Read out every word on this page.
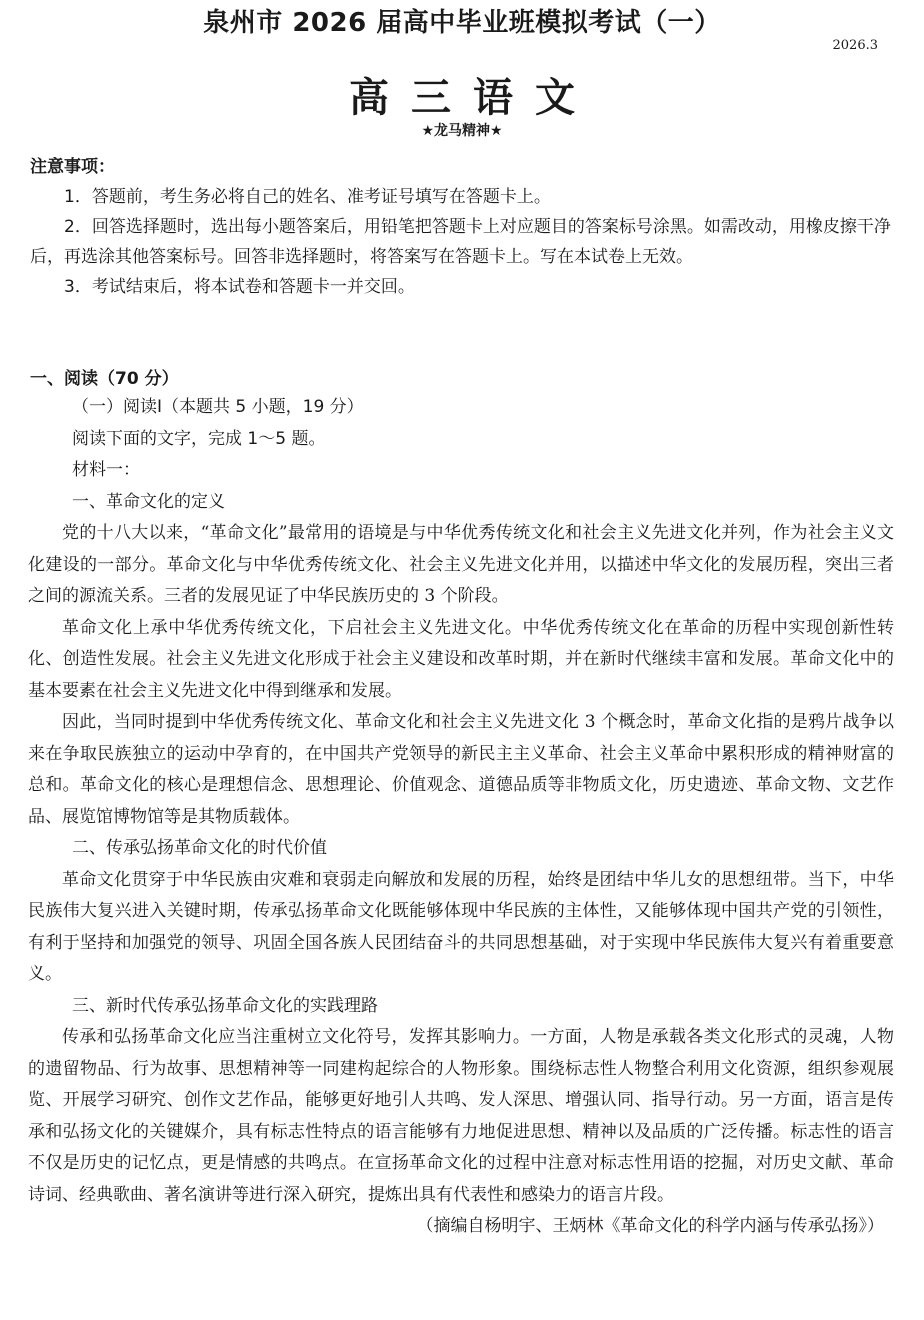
泉州市 2026 届高中毕业班模拟考试（一）
2026.3
高三语文
★龙马精神★
注意事项：
1．答题前，考生务必将自己的姓名、准考证号填写在答题卡上。
2．回答选择题时，选出每小题答案后，用铅笔把答题卡上对应题目的答案标号涂黑。如需改动，用橡皮擦干净后，再选涂其他答案标号。回答非选择题时，将答案写在答题卡上。写在本试卷上无效。
3．考试结束后，将本试卷和答题卡一并交回。
一、阅读（70 分）
（一）阅读Ⅰ（本题共 5 小题，19 分）
阅读下面的文字，完成 1～5 题。
材料一：
一、革命文化的定义
党的十八大以来，“革命文化”最常用的语境是与中华优秀传统文化和社会主义先进文化并列，作为社会主义文化建设的一部分。革命文化与中华优秀传统文化、社会主义先进文化并用，以描述中华文化的发展历程，突出三者之间的源流关系。三者的发展见证了中华民族历史的 3 个阶段。
革命文化上承中华优秀传统文化，下启社会主义先进文化。中华优秀传统文化在革命的历程中实现创新性转化、创造性发展。社会主义先进文化形成于社会主义建设和改革时期，并在新时代继续丰富和发展。革命文化中的基本要素在社会主义先进文化中得到继承和发展。
因此，当同时提到中华优秀传统文化、革命文化和社会主义先进文化 3 个概念时，革命文化指的是鸦片战争以来在争取民族独立的运动中孕育的，在中国共产党领导的新民主主义革命、社会主义革命中累积形成的精神财富的总和。革命文化的核心是理想信念、思想理论、价值观念、道德品质等非物质文化，历史遗迹、革命文物、文艺作品、展览馆博物馆等是其物质载体。
二、传承弘扬革命文化的时代价值
革命文化贯穿于中华民族由灾难和衰弱走向解放和发展的历程，始终是团结中华儿女的思想纽带。当下，中华民族伟大复兴进入关键时期，传承弘扬革命文化既能够体现中华民族的主体性，又能够体现中国共产党的引领性，有利于坚持和加强党的领导、巩固全国各族人民团结奋斗的共同思想基础，对于实现中华民族伟大复兴有着重要意义。
三、新时代传承弘扬革命文化的实践理路
传承和弘扬革命文化应当注重树立文化符号，发挥其影响力。一方面，人物是承载各类文化形式的灵魂，人物的遗留物品、行为故事、思想精神等一同建构起综合的人物形象。围绕标志性人物整合利用文化资源，组织参观展览、开展学习研究、创作文艺作品，能够更好地引人共鸣、发人深思、增强认同、指导行动。另一方面，语言是传承和弘扬文化的关键媒介，具有标志性特点的语言能够有力地促进思想、精神以及品质的广泛传播。标志性的语言不仅是历史的记忆点，更是情感的共鸣点。在宣扬革命文化的过程中注意对标志性用语的挖掘，对历史文献、革命诗词、经典歌曲、著名演讲等进行深入研究，提炼出具有代表性和感染力的语言片段。
（摘编自杨明宇、王炳林《革命文化的科学内涵与传承弘扬》）
